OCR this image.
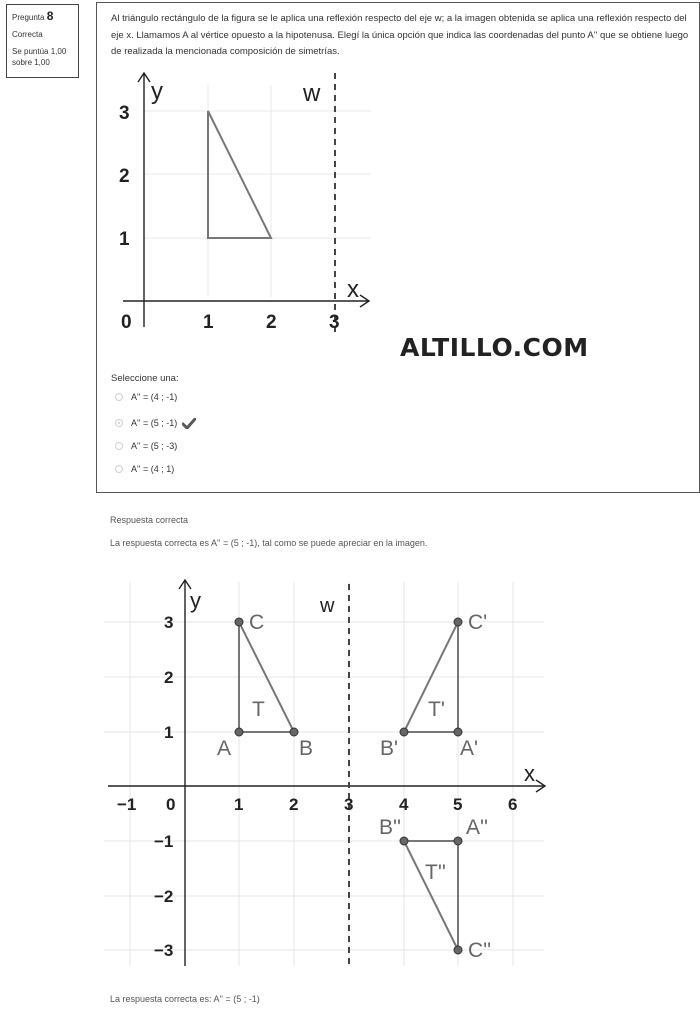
Pregunta 8
Correcta
Se puntúa 1,00 sobre 1,00
Al triángulo rectángulo de la figura se le aplica una reflexión respecto del eje w; a la imagen obtenida se aplica una reflexión respecto del eje x. Llamamos A al vértice opuesto a la hipotenusa. Elegí la única opción que indica las coordenadas del punto A'' que se obtiene luego de realizada la mencionada composición de simetrías.
1	2	3
0
1
2
3
y
x
w
ALTILLO.COM
Seleccione una:
A'' = (4 ; -1)
A'' = (5 ; -1)
A'' = (5 ; -3)
A'' = (4 ; 1)
Respuesta correcta
La respuesta correcta es A'' = (5 ; -1), tal como se puede apreciar en la imagen.
−1 0	1	2	3	4	5	6
3
2
1
−1
−2
−3
y
x
w
C
A	B
C'
B'	A'
B''	A''
C''
T	T'
T''
La respuesta correcta es: A'' = (5 ; -1)
